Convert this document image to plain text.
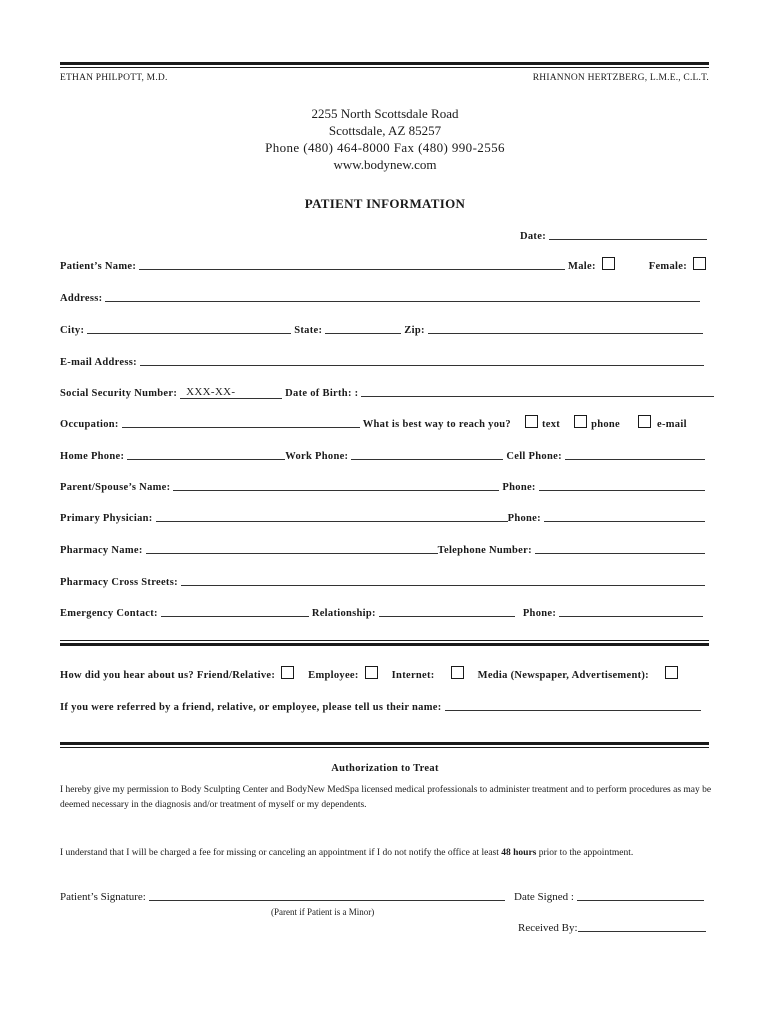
ETHAN PHILPOTT, M.D.	RHIANNON HERTZBERG, L.M.E., C.L.T.
2255 North Scottsdale Road
Scottsdale, AZ 85257
Phone (480) 464-8000 Fax (480) 990-2556
www.bodynew.com
PATIENT INFORMATION
Date:
Patient’s Name:	Male:	Female:
Address:
City:	State:	Zip:
E-mail Address:
Social Security Number: XXX-XX-	Date of Birth: :
Occupation:	What is best way to reach you?	text	phone	e-mail
Home Phone:	Work Phone:	Cell Phone:
Parent/Spouse’s Name:	Phone:
Primary Physician:	Phone:
Pharmacy Name:	Telephone Number:
Pharmacy Cross Streets:
Emergency Contact:	Relationship:	Phone:
How did you hear about us? Friend/Relative:	Employee:	Internet:	Media (Newspaper, Advertisement):
If you were referred by a friend, relative, or employee, please tell us their name:
Authorization to Treat
I hereby give my permission to Body Sculpting Center and BodyNew MedSpa licensed medical professionals to administer treatment and to perform procedures as may be deemed necessary in the diagnosis and/or treatment of myself or my dependents.
I understand that I will be charged a fee for missing or canceling an appointment if I do not notify the office at least 48 hours prior to the appointment.
Patient’s Signature:	Date Signed :
(Parent if Patient is a Minor)
Received By:
